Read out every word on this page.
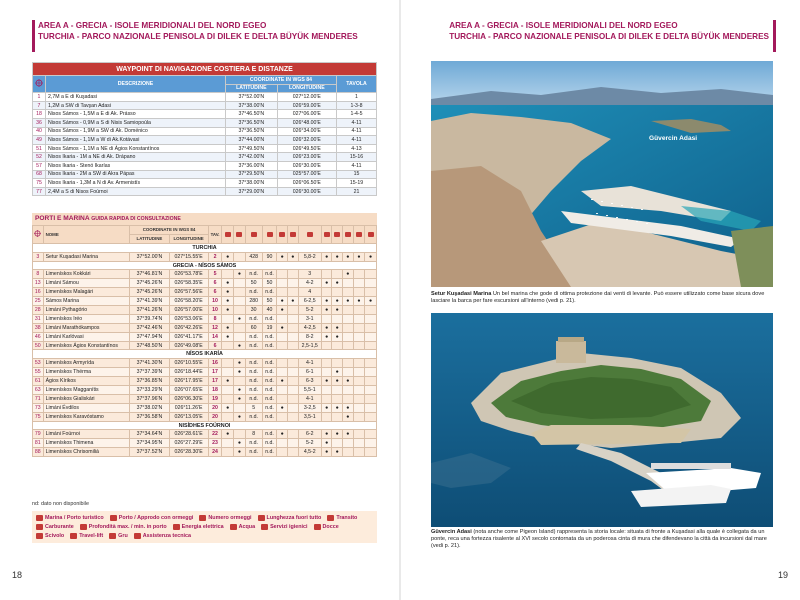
AREA A - GRECIA - ISOLE MERIDIONALI DEL NORD EGEO
TURCHIA - PARCO NAZIONALE PENISOLA DI DILEK E DELTA BÜYÜK MENDERES
WAYPOINT DI NAVIGAZIONE COSTIERA E DISTANZE				
	DESCRIZIONE	COORDINATE IN WGS 84		TAVOLA
		LATITUDINE	LONGITUDINE	
1	2,7M a E di Kuşadasi	37°52.00'N	027°12.00'E	1
7	1,2M a SW di Tavşan Adasi	37°38.00'N	026°59.00'E	1-3-8
18	Nisos Sámos - 1,5M a E di Ak. Prásso	37°46.50'N	027°06.00'E	1-4-5
36	Nisos Sámos - 0,9M a S di Nisis Samiopoúla	37°36.50'N	026°48.00'E	4-11
40	Nisos Sámos - 1,9M a SW di Ak. Doménico	37°36.50'N	026°34.00'E	4-11
49	Nisos Sámos - 1,1M a W di Ak.Kotávasi	37°44.00'N	026°32.00'E	4-11
51	Nisos Sámos - 1,1M a NE di Ágios Konstantínos	37°49.50'N	026°49.50'E	4-13
52	Nisos Ikaria - 1M a NE di Ak. Drápano	37°42.00'N	026°23.00'E	15-16
57	Nisos Ikaria - Stenó Ikarías	37°36.00'N	026°30.00'E	4-11
68	Nisos Ikaria - 2M a SW di Akra Pápas	37°29.50'N	025°57.00'E	15
75	Nisos Ikaria - 1,3M a N di Av. Armenistís	37°38.00'N	026°06.50'E	15-19
77	2,4M a S di Nisos Foúrnoi	37°29.00'N	026°30.00'E	21
PORTI E MARINA GUIDA RAPIDA DI CONSULTAZIONE
	NOME	COORDINATE IN WGS 84		TAV.												
		LATITUDINE	LONGITUDINE													
TURCHIA																
3	Setur Kuşadasi Marina	37°52.00'N	027°15.55'E	2	●		428	90	●	●	5,8-2	●	●	●	●	●
GRECIA - NÍSOS SÁMOS																
8	Limenískos Kokkári	37°46.81'N	026°53.78'E	5		●	n.d.	n.d.			3			●		
13	Limáni Sámou	37°45.26'N	026°58.35'E	6	●		50	50			4-2	●	●			
16	Limenískos Malagári	37°45.26'N	026°57.56'E	6	●		n.d.	n.d.			4					
25	Sámos Marina	37°41.39'N	026°58.20'E	10	●		280	50	●	●	6-2,5	●	●	●	●	●
28	Limáni Pythagório	37°41.26'N	026°57.00'E	10	●		30	40	●		5-2	●	●			
31	Limenískos Iréo	37°39.74'N	026°53.06'E	8		●	n.d.	n.d.			3-1					
38	Limáni Marathókampos	37°42.46'N	026°42.26'E	12	●		60	19	●		4-2,5	●	●			
46	Limáni Karlóvasi	37°47.94'N	026°41.17'E	14	●		n.d.	n.d.			8-2	●	●			
50	Limenískos Ágios Konstantínos	37°48.50'N	026°49.08'E	6		●	n.d.	n.d.			2,5-1,5					
NÍSOS IKARÍA																
53	Limenískos Armyrída	37°41.30'N	026°10.55'E	16		●	n.d.	n.d.			4-1					
55	Limenískos Thérma	37°37.39'N	026°18.44'E	17		●	n.d.	n.d.			6-1		●			
61	Ágios Kírikos	37°36.85'N	026°17.95'E	17	●		n.d.	n.d.	●		6-3	●	●	●		
63	Limenískos Magganítis	37°33.29'N	026°07.65'E	18		●	n.d.	n.d.			5,5-1					
71	Limenískos Gialiskári	37°37.96'N	026°06.30'E	19		●	n.d.	n.d.			4-1					
73	Limáni Évdilos	37°38.02'N	026°11.26'E	20	●		5	n.d.	●		3-2,5	●	●	●		
75	Limenískos Karavóstamo	37°36.58'N	026°13.05'E	20		●	n.d.	n.d.			3,5-1			●		
NISÍDHES FOÚRNOI																
79	Limáni Foúrnoi	37°34.64'N	026°28.61'E	22	●		8	n.d.	●		6-2	●	●	●		
81	Limenískos Thimena	37°34.95'N	026°27.29'E	23		●	n.d.	n.d.			5-2	●				
88	Limenískos Chrisomiliá	37°37.52'N	026°28.30'E	24		●	n.d.	n.d.			4,5-2	●	●			
nd: dato non disponibile
Marina / Porto turistico	Porto / Approdo con ormeggi	Numero ormeggi	Lunghezza fuori tutto	Transito
Carburante	Profondità max. / min. in porto	Energia elettrica	Acqua	Servizi igienici	Docce
Scivolo	Travel-lift	Gru	Assistenza tecnica
18
AREA A - GRECIA - ISOLE MERIDIONALI DEL NORD EGEO
TURCHIA - PARCO NAZIONALE PENISOLA DI DILEK E DELTA BÜYÜK MENDERES
Güvercin Adasi
Setur Kuşadasi Marina Un bel marina che gode di ottima protezione dai venti di levante. Può essere utilizzato come base sicura dove lasciare la barca per fare escursioni all'interno (vedi p. 21).
Güvercin Adasi (nota anche come Pigeon Island) rappresenta la storia locale: situata di fronte a Kuşadasi alla quale è collegata da un ponte, reca una fortezza risalente al XVI secolo contornata da un poderosa cinta di mura che difendevano la città da incursioni dal mare (vedi p. 21).
19
